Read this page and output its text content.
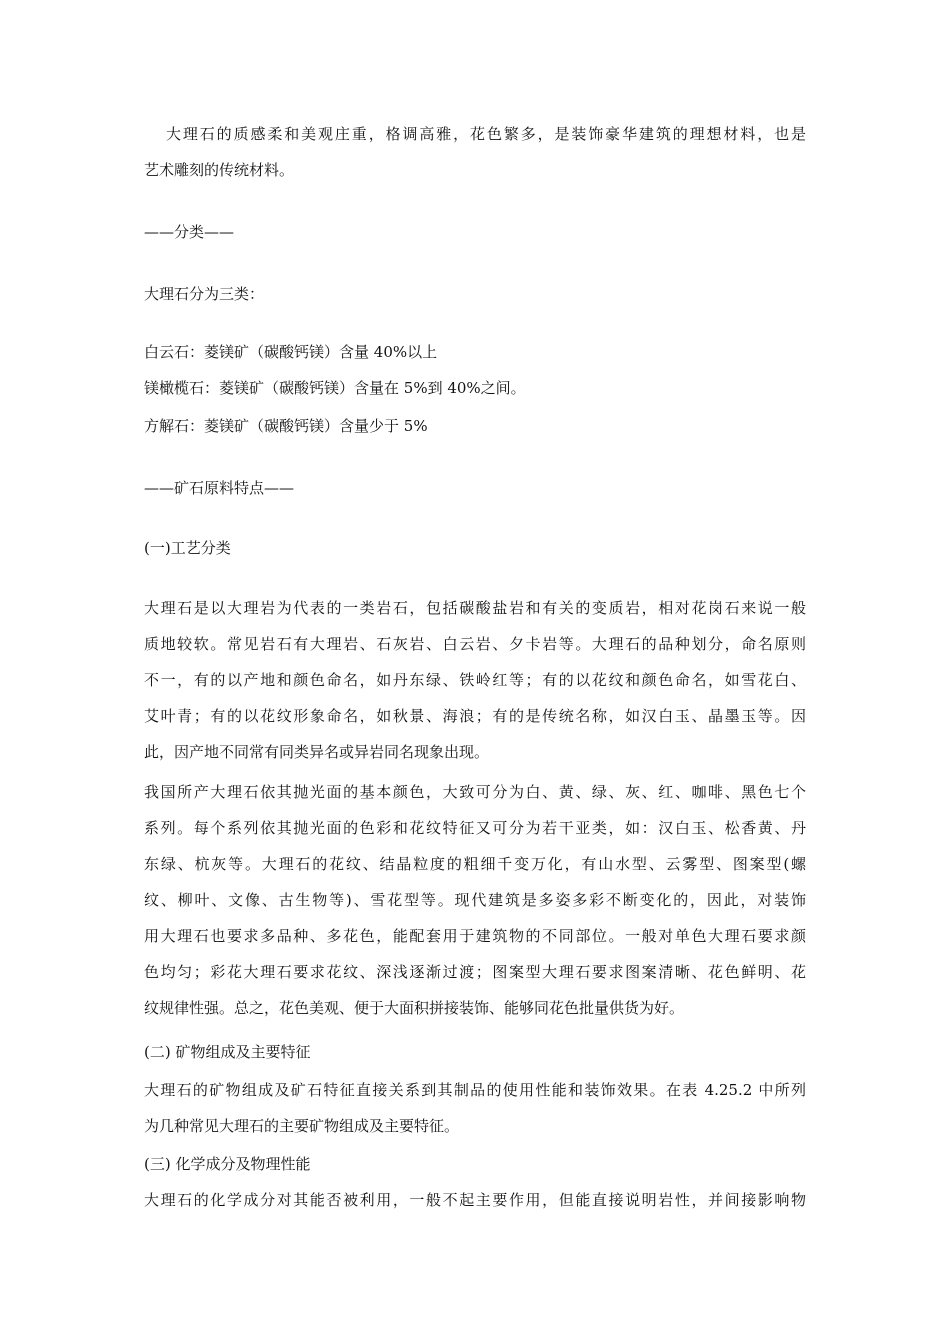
大理石的质感柔和美观庄重，格调高雅，花色繁多，是装饰豪华建筑的理想材料，也是
艺术雕刻的传统材料。
——分类——
大理石分为三类：
白云石：菱镁矿（碳酸钙镁）含量 40%以上
镁橄榄石：菱镁矿（碳酸钙镁）含量在 5%到 40%之间。
方解石：菱镁矿（碳酸钙镁）含量少于 5%
——矿石原料特点——
(一)工艺分类
大理石是以大理岩为代表的一类岩石，包括碳酸盐岩和有关的变质岩，相对花岗石来说一般
质地较软。常见岩石有大理岩、石灰岩、白云岩、夕卡岩等。大理石的品种划分，命名原则
不一，有的以产地和颜色命名，如丹东绿、铁岭红等；有的以花纹和颜色命名，如雪花白、
艾叶青；有的以花纹形象命名，如秋景、海浪；有的是传统名称，如汉白玉、晶墨玉等。因
此，因产地不同常有同类异名或异岩同名现象出现。
我国所产大理石依其抛光面的基本颜色，大致可分为白、黄、绿、灰、红、咖啡、黑色七个
系列。每个系列依其抛光面的色彩和花纹特征又可分为若干亚类，如：汉白玉、松香黄、丹
东绿、杭灰等。大理石的花纹、结晶粒度的粗细千变万化，有山水型、云雾型、图案型(螺
纹、柳叶、文像、古生物等)、雪花型等。现代建筑是多姿多彩不断变化的，因此，对装饰
用大理石也要求多品种、多花色，能配套用于建筑物的不同部位。一般对单色大理石要求颜
色均匀；彩花大理石要求花纹、深浅逐渐过渡；图案型大理石要求图案清晰、花色鲜明、花
纹规律性强。总之，花色美观、便于大面积拼接装饰、能够同花色批量供货为好。
(二) 矿物组成及主要特征
大理石的矿物组成及矿石特征直接关系到其制品的使用性能和装饰效果。在表 4.25.2 中所列
为几种常见大理石的主要矿物组成及主要特征。
(三) 化学成分及物理性能
大理石的化学成分对其能否被利用，一般不起主要作用，但能直接说明岩性，并间接影响物
